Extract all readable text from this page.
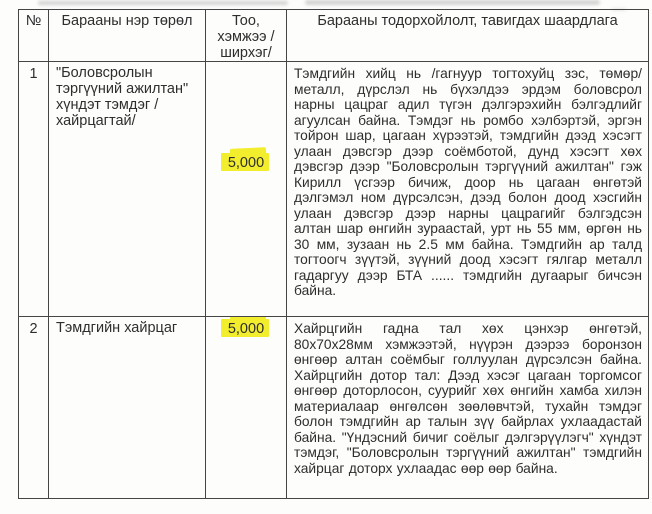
№	Барааны нэр төрөл	Тоо, хэмжээ /ширхэг/	Барааны тодорхойлолт, тавигдах шаардлага
1	"Боловсролын тэргүүний ажилтан" хүндэт тэмдэг /хайрцагтай/	5,000	Тэмдгийн хийц нь /гагнуур тогтохуйц зэс, төмөр/ металл, дүрслэл нь бүхэлдээ эрдэм боловсрол нарны цацраг адил түгэн дэлгэрэхийн бэлгэдлийг агуулсан байна. Тэмдэг нь ромбо хэлбэртэй, эргэн тойрон шар, цагаан хүрээтэй, тэмдгийн дээд хэсэгт улаан дэвсгэр дээр соёмботой, дунд хэсэгт хөх дэвсгэр дээр "Боловсролын тэргүүний ажилтан" гэж Кирилл үсгээр бичиж, доор нь цагаан өнгөтэй дэлгэмэл ном дүрсэлсэн, дээд болон доод хэсгийн улаан дэвсгэр дээр нарны цацрагийг бэлгэдсэн алтан шар өнгийн зураастай, урт нь 55 мм, өргөн нь 30 мм, зузаан нь 2.5 мм байна. Тэмдгийн ар талд тогтоогч зүүтэй, зүүний доод хэсэгт гялгар металл гадаргуу дээр БТА ...... тэмдгийн дугаарыг бичсэн байна.
2	Тэмдгийн хайрцаг	5,000	Хайрцгийн гадна тал хөх цэнхэр өнгөтэй, 80х70х28мм хэмжээтэй, нүүрэн дээрээ боронзон өнгөөр алтан соёмбыг голлуулан дүрсэлсэн байна. Хайрцгийн дотор тал: Дээд хэсэг цагаан торгомсог өнгөөр доторлосон, суурийг хөх өнгийн хамба хилэн материалаар өнгөлсөн зөөлөвчтэй, тухайн тэмдэг болон тэмдгийн ар талын зүү байрлах ухлаадастай байна. "Үндэсний бичиг соёлыг дэлгэрүүлэгч" хүндэт тэмдэг, "Боловсролын тэргүүний ажилтан" тэмдгийн хайрцаг доторх ухлаадас өөр өөр байна.
